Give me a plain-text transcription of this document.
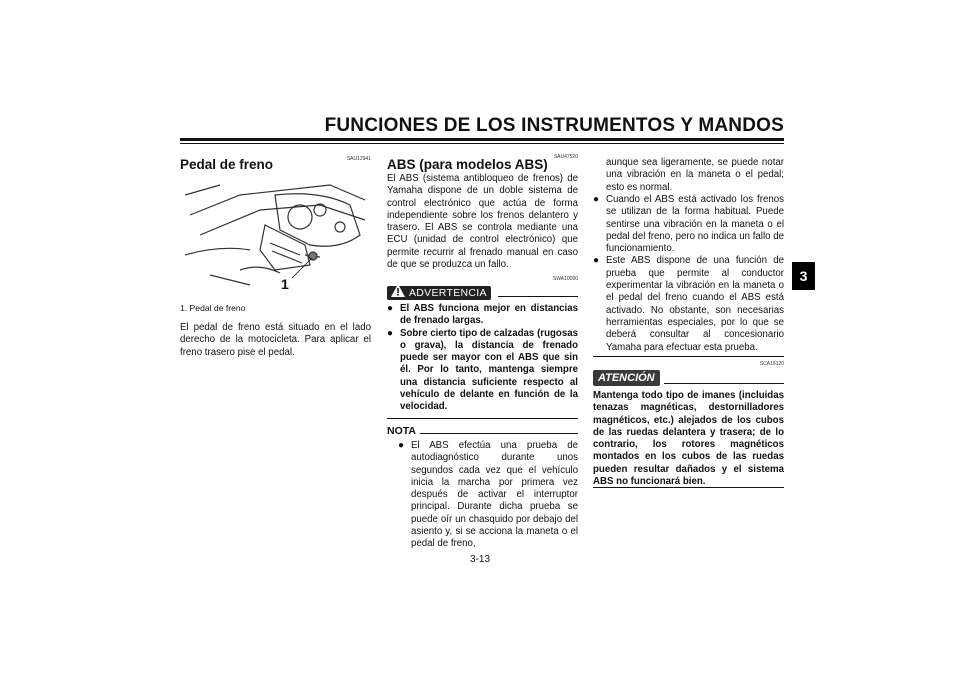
FUNCIONES DE LOS INSTRUMENTOS Y MANDOS
3
SAU12941
Pedal de freno
1
1. Pedal de freno
El pedal de freno está situado en el lado derecho de la motocicleta. Para aplicar el freno trasero pise el pedal.
SAU47520
ABS (para modelos ABS)
El ABS (sistema antibloqueo de frenos) de Yamaha dispone de un doble sistema de control electrónico que actúa de forma independiente sobre los frenos delantero y trasero. El ABS se controla mediante una ECU (unidad de control electrónico) que permite recurrir al frenado manual en caso de que se produzca un fallo.
SWA10090
ADVERTENCIA
● El ABS funciona mejor en distancias de frenado largas.
● Sobre cierto tipo de calzadas (rugosas o grava), la distancia de frenado puede ser mayor con el ABS que sin él. Por lo tanto, mantenga siempre una distancia suficiente respecto al vehículo de delante en función de la velocidad.
NOTA
● El ABS efectúa una prueba de autodiagnóstico durante unos segundos cada vez que el vehículo inicia la marcha por primera vez después de activar el interruptor principal. Durante dicha prueba se puede oír un chasquido por debajo del asiento y, si se acciona la maneta o el pedal de freno,
aunque sea ligeramente, se puede notar una vibración en la maneta o el pedal; esto es normal.
● Cuando el ABS está activado los frenos se utilizan de la forma habitual. Puede sentirse una vibración en la maneta o el pedal del freno, pero no indica un fallo de funcionamiento.
● Este ABS dispone de una función de prueba que permite al conductor experimentar la vibración en la maneta o el pedal del freno cuando el ABS está activado. No obstante, son necesarias herramientas especiales, por lo que se deberá consultar al concesionario Yamaha para efectuar esta prueba.
SCA16120
ATENCIÓN
Mantenga todo tipo de imanes (incluidas tenazas magnéticas, destornilladores magnéticos, etc.) alejados de los cubos de las ruedas delantera y trasera; de lo contrario, los rotores magnéticos montados en los cubos de las ruedas pueden resultar dañados y el sistema ABS no funcionará bien.
3-13
